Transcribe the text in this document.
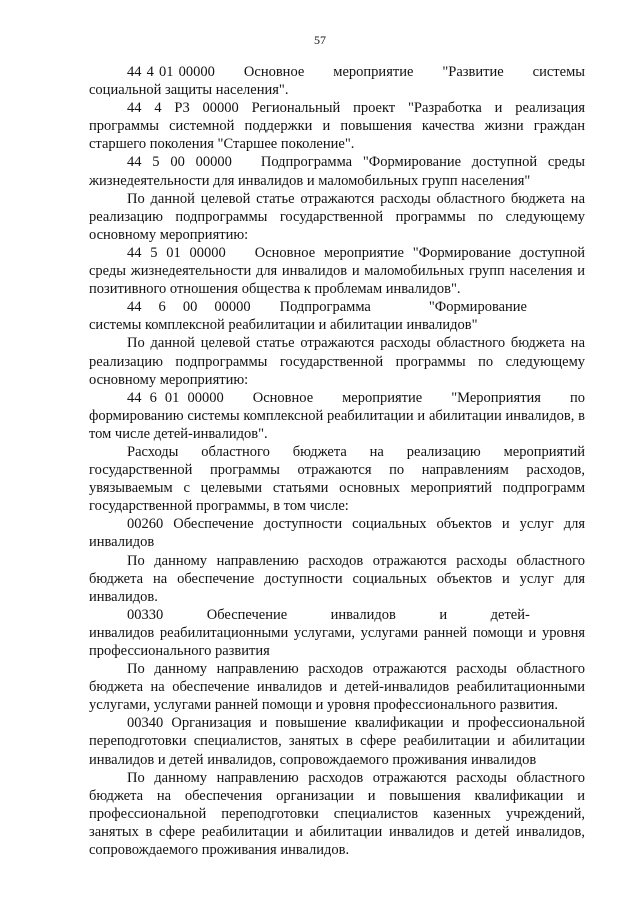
57

44 4 01 00000  Основное  мероприятие  "Развитие  системы социальной защиты населения".

44 4 Р3 00000 Региональный проект "Разработка и реализация программы системной поддержки и повышения качества жизни граждан старшего поколения "Старшее поколение".

44 5 00 00000  Подпрограмма "Формирование доступной среды жизнедеятельности для инвалидов и маломобильных групп населения"

По данной целевой статье отражаются расходы областного бюджета на реализацию подпрограммы государственной программы по следующему основному мероприятию:

44 5 01 00000  Основное мероприятие "Формирование доступной среды жизнедеятельности для инвалидов и маломобильных групп населения и позитивного отношения общества к проблемам инвалидов".

44 6 00 00000  Подпрограмма    "Формирование    системы комплексной реабилитации и абилитации инвалидов"

По данной целевой статье отражаются расходы областного бюджета на реализацию подпрограммы государственной программы по следующему основному мероприятию:

44 6 01 00000  Основное  мероприятие  "Мероприятия  по формированию системы комплексной реабилитации и абилитации инвалидов, в том числе детей-инвалидов".

Расходы областного бюджета на реализацию мероприятий государственной программы отражаются по направлениям расходов, увязываемым с целевыми статьями основных мероприятий подпрограмм государственной программы, в том числе:

00260 Обеспечение доступности социальных объектов и услуг для инвалидов

По данному направлению расходов отражаются расходы областного бюджета на обеспечение доступности социальных объектов и услуг для инвалидов.

00330   Обеспечение   инвалидов   и   детей-инвалидов реабилитационными услугами, услугами ранней помощи и уровня профессионального развития

По данному направлению расходов отражаются расходы областного бюджета на обеспечение инвалидов и детей-инвалидов реабилитационными услугами, услугами ранней помощи и уровня профессионального развития.

00340 Организация и повышение квалификации и профессиональной переподготовки специалистов, занятых в сфере реабилитации и абилитации инвалидов и детей инвалидов, сопровождаемого проживания инвалидов

По данному направлению расходов отражаются расходы областного бюджета на обеспечения организации и повышения квалификации и профессиональной переподготовки специалистов казенных учреждений, занятых в сфере реабилитации и абилитации инвалидов и детей инвалидов, сопровождаемого проживания инвалидов.
